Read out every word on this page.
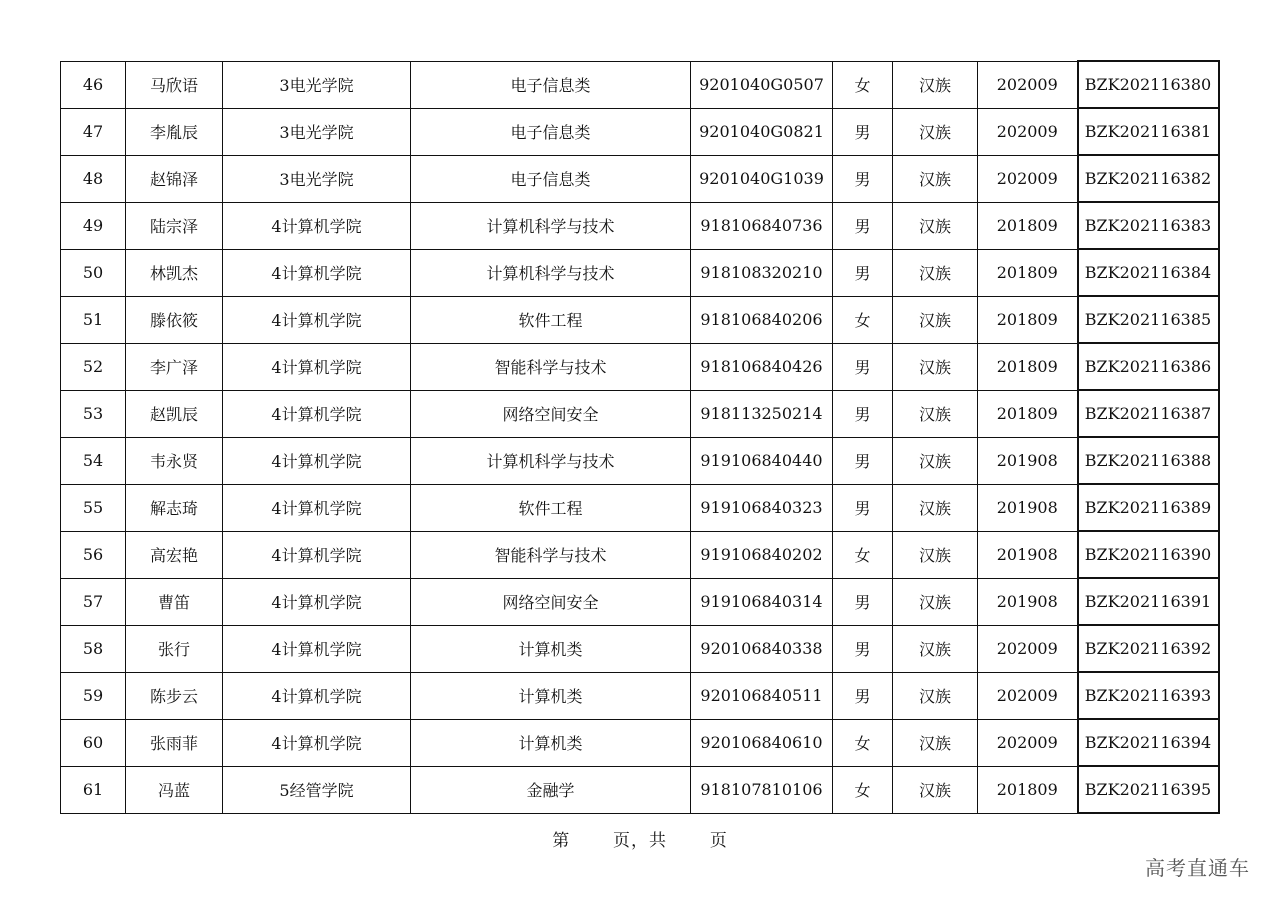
46	马欣语	3电光学院	电子信息类	9201040G0507	女	汉族	202009	BZK202116380
47	李胤辰	3电光学院	电子信息类	9201040G0821	男	汉族	202009	BZK202116381
48	赵锦泽	3电光学院	电子信息类	9201040G1039	男	汉族	202009	BZK202116382
49	陆宗泽	4计算机学院	计算机科学与技术	918106840736	男	汉族	201809	BZK202116383
50	林凯杰	4计算机学院	计算机科学与技术	918108320210	男	汉族	201809	BZK202116384
51	滕依筱	4计算机学院	软件工程	918106840206	女	汉族	201809	BZK202116385
52	李广泽	4计算机学院	智能科学与技术	918106840426	男	汉族	201809	BZK202116386
53	赵凯辰	4计算机学院	网络空间安全	918113250214	男	汉族	201809	BZK202116387
54	韦永贤	4计算机学院	计算机科学与技术	919106840440	男	汉族	201908	BZK202116388
55	解志琦	4计算机学院	软件工程	919106840323	男	汉族	201908	BZK202116389
56	高宏艳	4计算机学院	智能科学与技术	919106840202	女	汉族	201908	BZK202116390
57	曹笛	4计算机学院	网络空间安全	919106840314	男	汉族	201908	BZK202116391
58	张行	4计算机学院	计算机类	920106840338	男	汉族	202009	BZK202116392
59	陈步云	4计算机学院	计算机类	920106840511	男	汉族	202009	BZK202116393
60	张雨菲	4计算机学院	计算机类	920106840610	女	汉族	202009	BZK202116394
61	冯蓝	5经管学院	金融学	918107810106	女	汉族	201809	BZK202116395
第	页，共	页
高考直通车
